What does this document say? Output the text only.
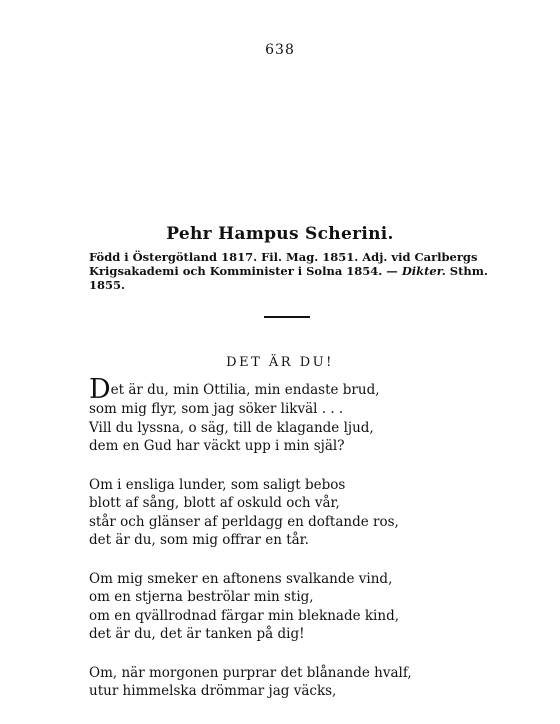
638
Pehr Hampus Scherini.
Född i Östergötland 1817. Fil. Mag. 1851. Adj. vid Carlbergs
Krigsakademi och Komminister i Solna 1854. — Dikter. Sthm.
1855.
DET ÄR DU!
Det är du, min Ottilia, min endaste brud,
som mig flyr, som jag söker likväl . . .
Vill du lyssna, o säg, till de klagande ljud,
dem en Gud har väckt upp i min själ?
Om i ensliga lunder, som saligt bebos
blott af sång, blott af oskuld och vår,
står och glänser af perldagg en doftande ros,
det är du, som mig offrar en tår.
Om mig smeker en aftonens svalkande vind,
om en stjerna beströlar min stig,
om en qvällrodnad färgar min bleknade kind,
det är du, det är tanken på dig!
Om, när morgonen purprar det blånande hvalf,
utur himmelska drömmar jag väcks,
